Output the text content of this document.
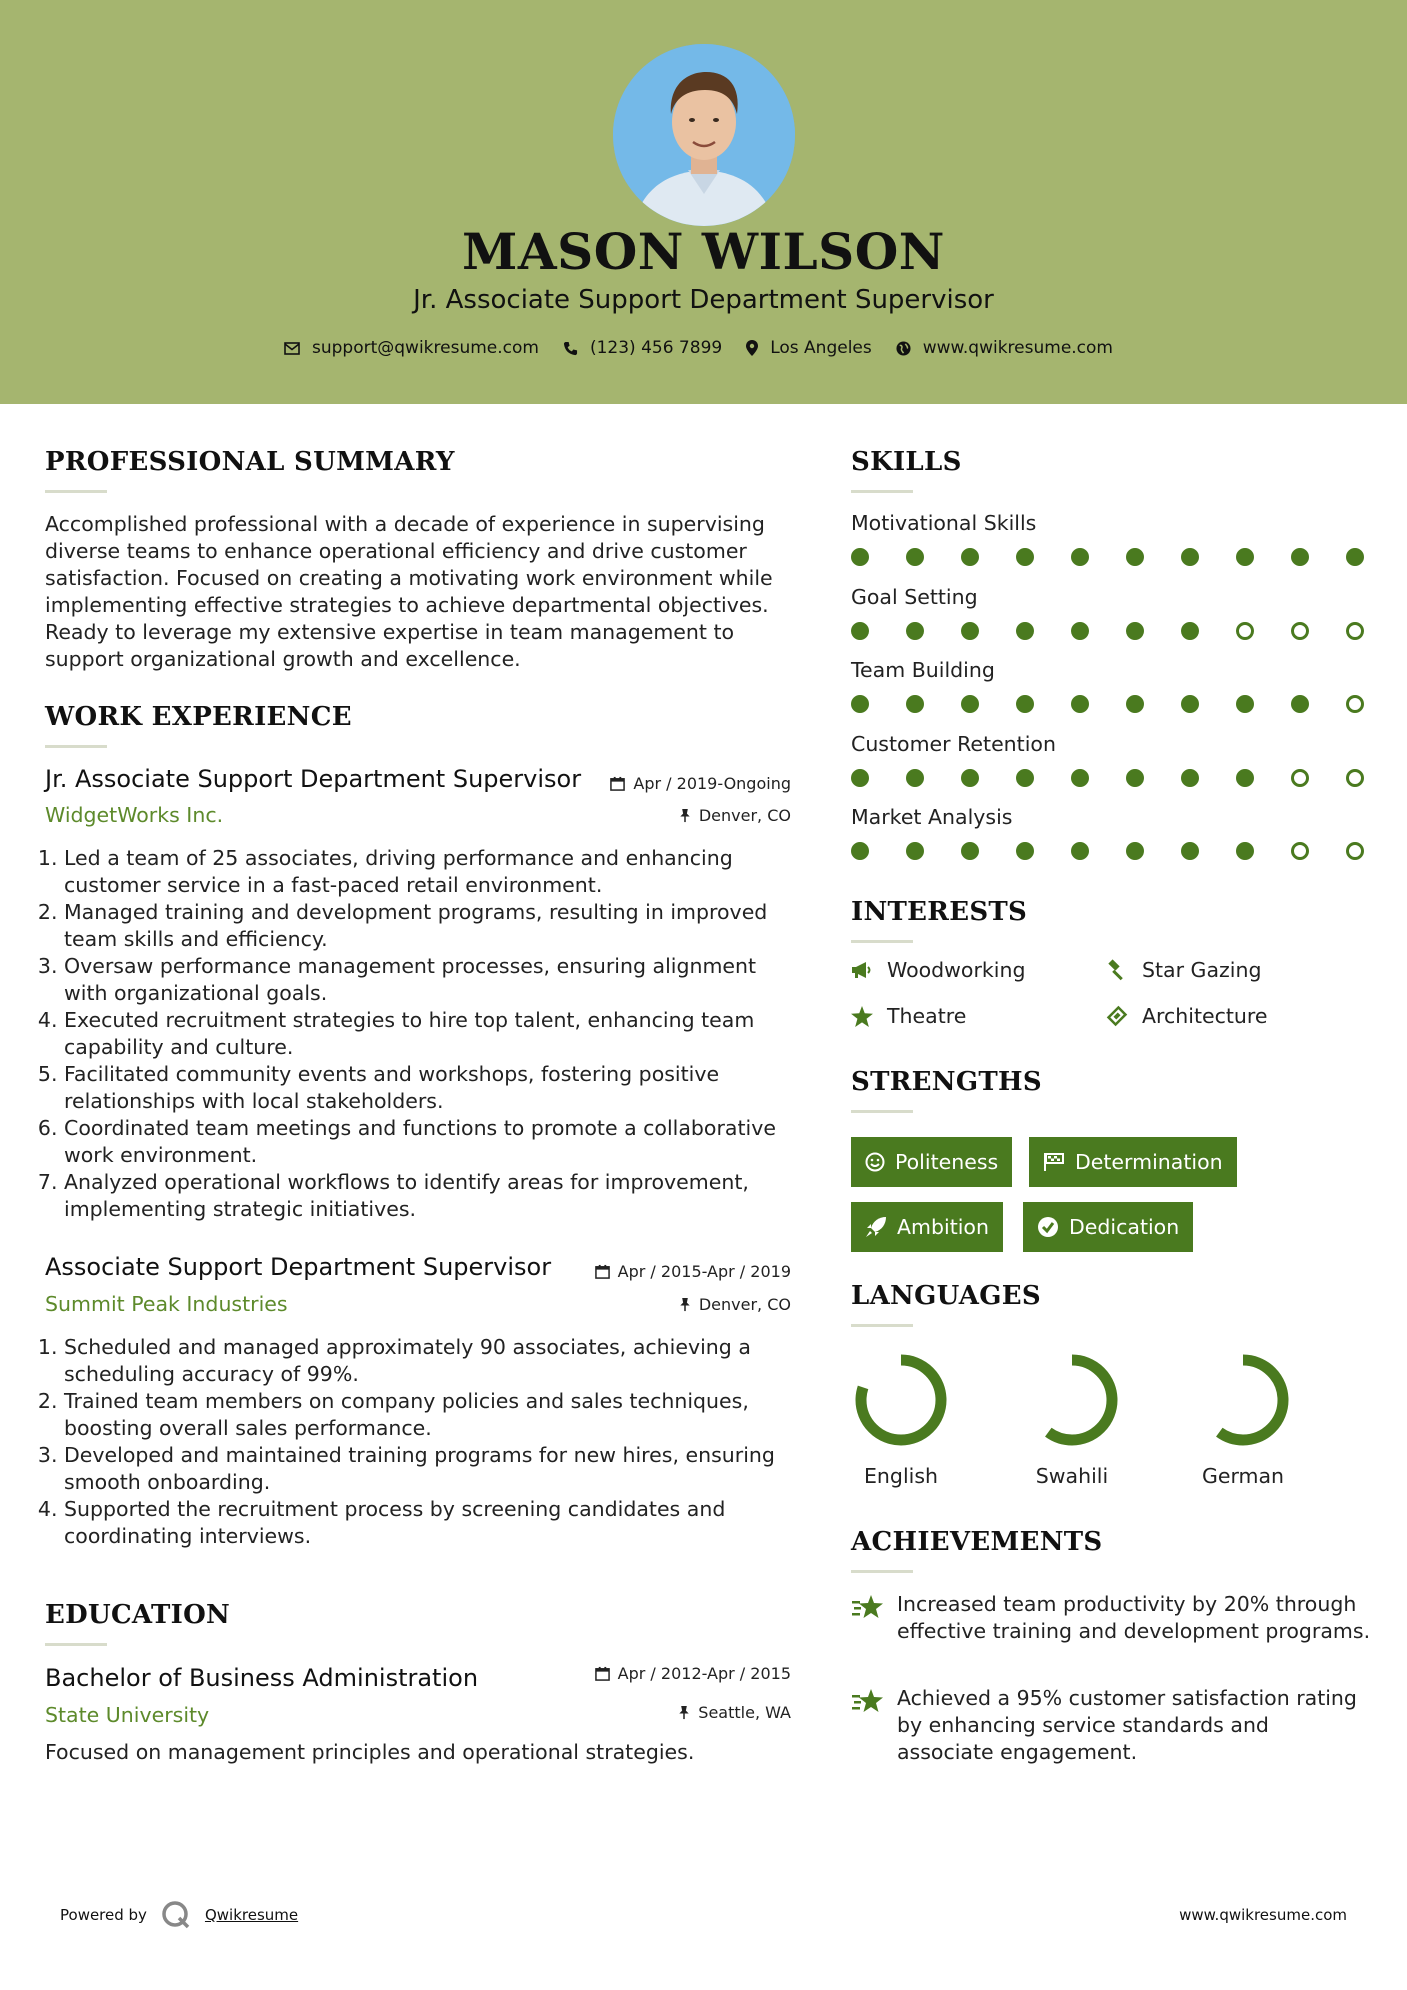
MASON WILSON
Jr. Associate Support Department Supervisor
support@qwikresume.com	(123) 456 7899	Los Angeles	www.qwikresume.com
PROFESSIONAL SUMMARY
Accomplished professional with a decade of experience in supervising diverse teams to enhance operational efficiency and drive customer satisfaction. Focused on creating a motivating work environment while implementing effective strategies to achieve departmental objectives. Ready to leverage my extensive expertise in team management to support organizational growth and excellence.
WORK EXPERIENCE
Jr. Associate Support Department Supervisor	Apr / 2019-Ongoing
WidgetWorks Inc.	Denver, CO
1. Led a team of 25 associates, driving performance and enhancing customer service in a fast-paced retail environment.
2. Managed training and development programs, resulting in improved team skills and efficiency.
3. Oversaw performance management processes, ensuring alignment with organizational goals.
4. Executed recruitment strategies to hire top talent, enhancing team capability and culture.
5. Facilitated community events and workshops, fostering positive relationships with local stakeholders.
6. Coordinated team meetings and functions to promote a collaborative work environment.
7. Analyzed operational workflows to identify areas for improvement, implementing strategic initiatives.
Associate Support Department Supervisor	Apr / 2015-Apr / 2019
Summit Peak Industries	Denver, CO
1. Scheduled and managed approximately 90 associates, achieving a scheduling accuracy of 99%.
2. Trained team members on company policies and sales techniques, boosting overall sales performance.
3. Developed and maintained training programs for new hires, ensuring smooth onboarding.
4. Supported the recruitment process by screening candidates and coordinating interviews.
EDUCATION
Bachelor of Business Administration	Apr / 2012-Apr / 2015
State University	Seattle, WA
Focused on management principles and operational strategies.
SKILLS
Motivational Skills
Goal Setting
Team Building
Customer Retention
Market Analysis
INTERESTS
Woodworking	Star Gazing
Theatre	Architecture
STRENGTHS
Politeness	Determination
Ambition	Dedication
LANGUAGES
English	Swahili	German
ACHIEVEMENTS
Increased team productivity by 20% through effective training and development programs.
Achieved a 95% customer satisfaction rating by enhancing service standards and associate engagement.
Powered by	Qwikresume	www.qwikresume.com
